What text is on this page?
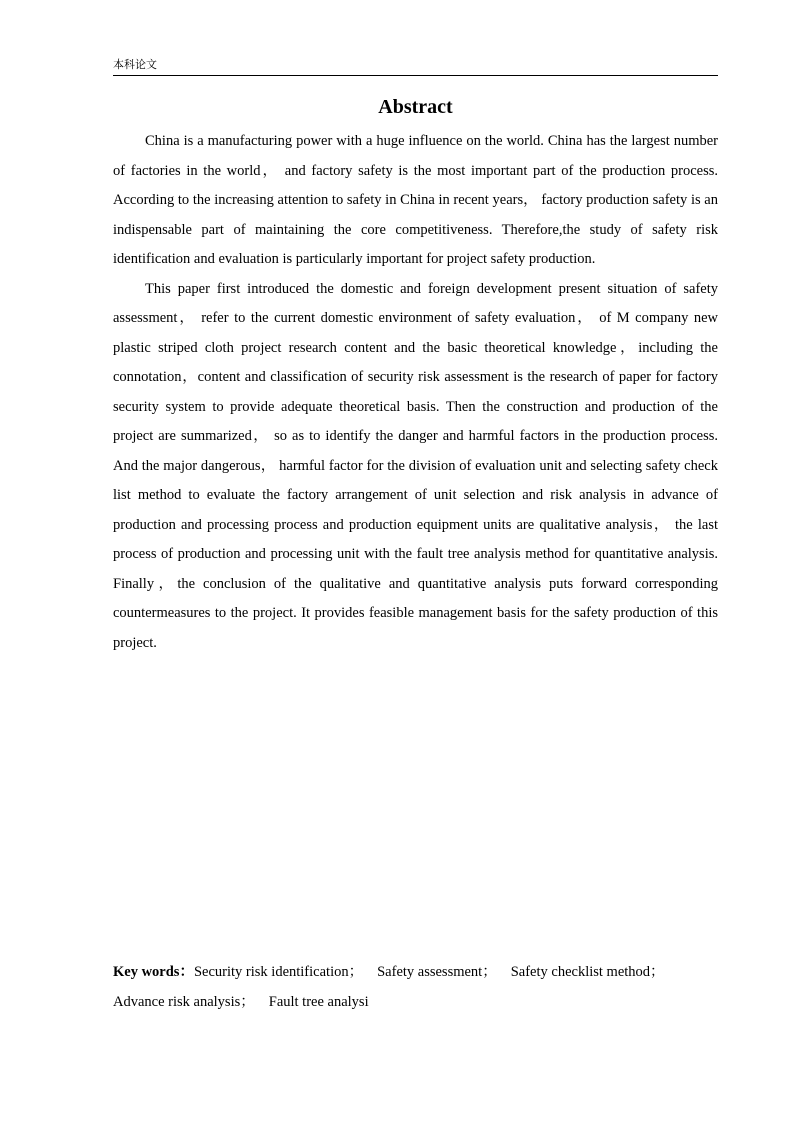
本科论文
Abstract

China is a manufacturing power with a huge influence on the world. China has the largest number of factories in the world， and factory safety is the most important part of the production process. According to the increasing attention to safety in China in recent years， factory production safety is an indispensable part of maintaining the core competitiveness. Therefore,the study of safety risk identification and evaluation is particularly important for project safety production.

This paper first introduced the domestic and foreign development present situation of safety assessment， refer to the current domestic environment of safety evaluation， of M company new plastic striped cloth project research content and the basic theoretical knowledge，including the connotation，content and classification of security risk assessment is the research of paper for factory security system to provide adequate theoretical basis. Then the construction and production of the project are summarized， so as to identify the danger and harmful factors in the production process. And the major dangerous， harmful factor for the division of evaluation unit and selecting safety check list method to evaluate the factory arrangement of unit selection and risk analysis in advance of production and processing process and production equipment units are qualitative analysis， the last process of production and processing unit with the fault tree analysis method for quantitative analysis. Finally，the conclusion of the qualitative and quantitative analysis puts forward corresponding countermeasures to the project. It provides feasible management basis for the safety production of this project.

Key words：Security risk identification； Safety assessment； Safety checklist method；
Advance risk analysis； Fault tree analysi
